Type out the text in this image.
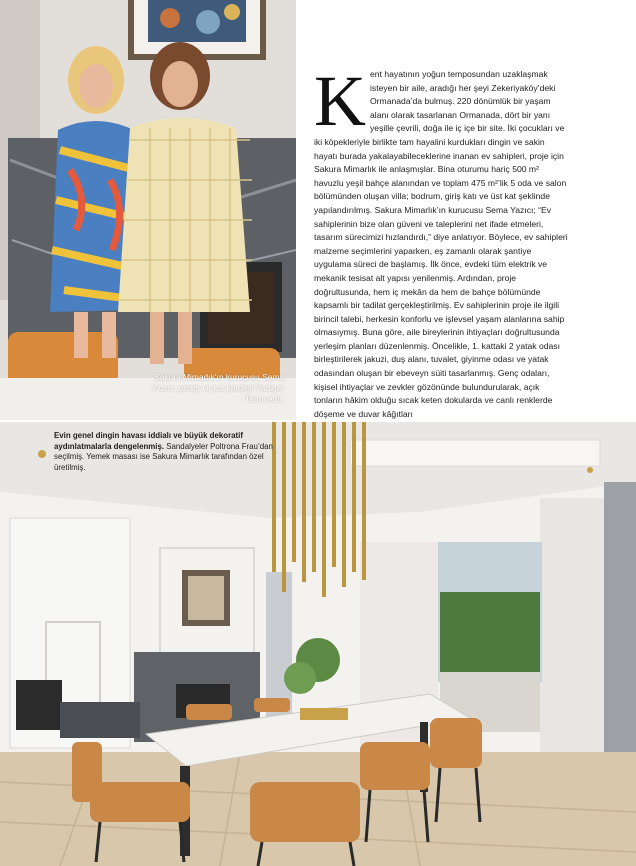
Sakura Mimarlık’ın kurucusu Sema Yazıcı, ortağı ve kız kardeşi Yadigar Tanrıverdi.
Kent hayatının yoğun temposundan uzaklaşmak isteyen bir aile, aradığı her şeyi Zekeriyaköy’deki Ormanada’da bulmuş. 220 dönümlük bir yaşam alanı olarak tasarlanan Ormanada, dört bir yanı yeşille çevrili, doğa ile iç içe bir site. İki çocukları ve iki köpekleriyle birlikte tam hayalini kurdukları dingin ve sakin hayatı burada yakalayabileceklerine inanan ev sahipleri, proje için Sakura Mimarlık ile anlaşmışlar. Bina oturumu hariç 500 m² havuzlu yeşil bahçe alanından ve toplam 475 m²’lik 5 oda ve salon bölümünden oluşan villa; bodrum, giriş katı ve üst kat şeklinde yapılandırılmış. Sakura Mimarlık’ın kurucusu Sema Yazıcı; “Ev sahiplerinin bize olan güveni ve taleplerini net ifade etmeleri, tasarım sürecimizi hızlandırdı,” diye anlatıyor. Böylece, ev sahipleri malzeme seçimlerini yaparken, eş zamanlı olarak şantiye uygulama süreci de başlamış. İlk önce, evdeki tüm elektrik ve mekanik tesisat alt yapısı yenilenmiş. Ardından, proje doğrultusunda, hem iç mekân da hem de bahçe bölümünde kapsamlı bir tadilat gerçekleştirilmiş. Ev sahiplerinin proje ile ilgili birincil talebi, herkesin konforlu ve işlevsel yaşam alanlarına sahip olmasıymış. Buna göre, aile bireylerinin ihtiyaçları doğrultusunda yerleşim planları düzenlenmiş. Öncelikle, 1. kattaki 2 yatak odası birleştirilerek jakuzi, duş alanı, tuvalet, giyinme odası ve yatak odasından oluşan bir ebeveyn süiti tasarlanmış. Genç odaları, kişisel ihtiyaçlar ve zevkler gözönünde bulundurularak, açık tonların hâkim olduğu sıcak keten dokularda ve canlı renklerde döşeme ve duvar kâğıtları
Evin genel dingin havası iddialı ve büyük dekoratif aydınlatmalarla dengelenmiş. Sandalyeler Poltrona Frau’dan seçilmiş. Yemek masası ise Sakura Mimarlık tarafından özel üretilmiş.
